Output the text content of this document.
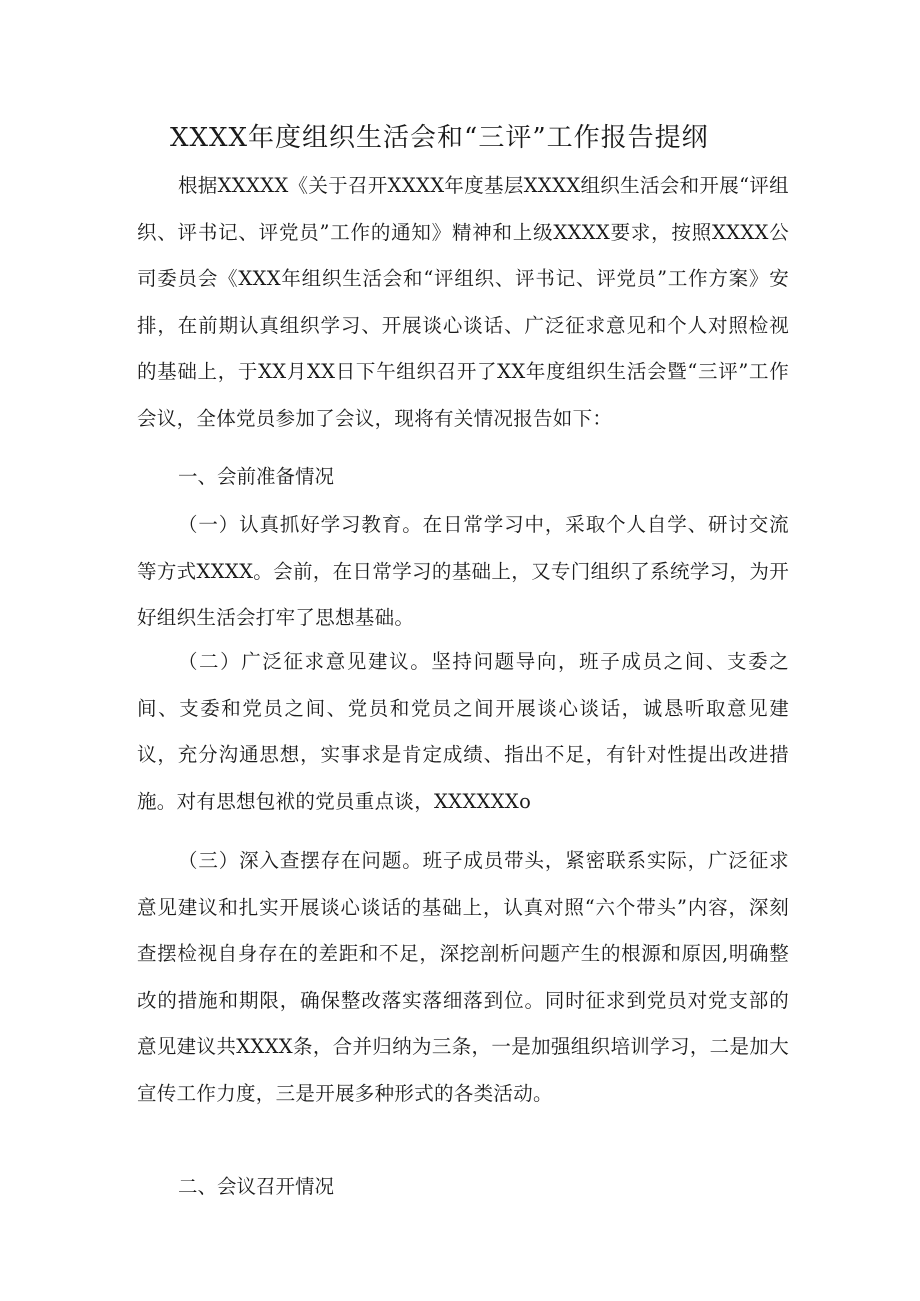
XXXX年度组织生活会和“三评”工作报告提纲

根据XXXXX《关于召开XXXX年度基层XXXX组织生活会和开展“评组织、评书记、评党员”工作的通知》精神和上级XXXX要求，按照XXXX公司委员会《XXX年组织生活会和“评组织、评书记、评党员”工作方案》安排，在前期认真组织学习、开展谈心谈话、广泛征求意见和个人对照检视的基础上，于XX月XX日下午组织召开了XX年度组织生活会暨“三评”工作会议，全体党员参加了会议，现将有关情况报告如下：

一、会前准备情况

（一）认真抓好学习教育。在日常学习中，采取个人自学、研讨交流等方式XXXX。会前，在日常学习的基础上，又专门组织了系统学习，为开好组织生活会打牢了思想基础。

（二）广泛征求意见建议。坚持问题导向，班子成员之间、支委之间、支委和党员之间、党员和党员之间开展谈心谈话，诚恳听取意见建议，充分沟通思想，实事求是肯定成绩、指出不足，有针对性提出改进措施。对有思想包袱的党员重点谈，XXXXXXo

（三）深入查摆存在问题。班子成员带头，紧密联系实际，广泛征求意见建议和扎实开展谈心谈话的基础上，认真对照“六个带头”内容，深刻查摆检视自身存在的差距和不足，深挖剖析问题产生的根源和原因,明确整改的措施和期限，确保整改落实落细落到位。同时征求到党员对党支部的意见建议共XXXX条，合并归纳为三条，一是加强组织培训学习，二是加大宣传工作力度，三是开展多种形式的各类活动。

二、会议召开情况
